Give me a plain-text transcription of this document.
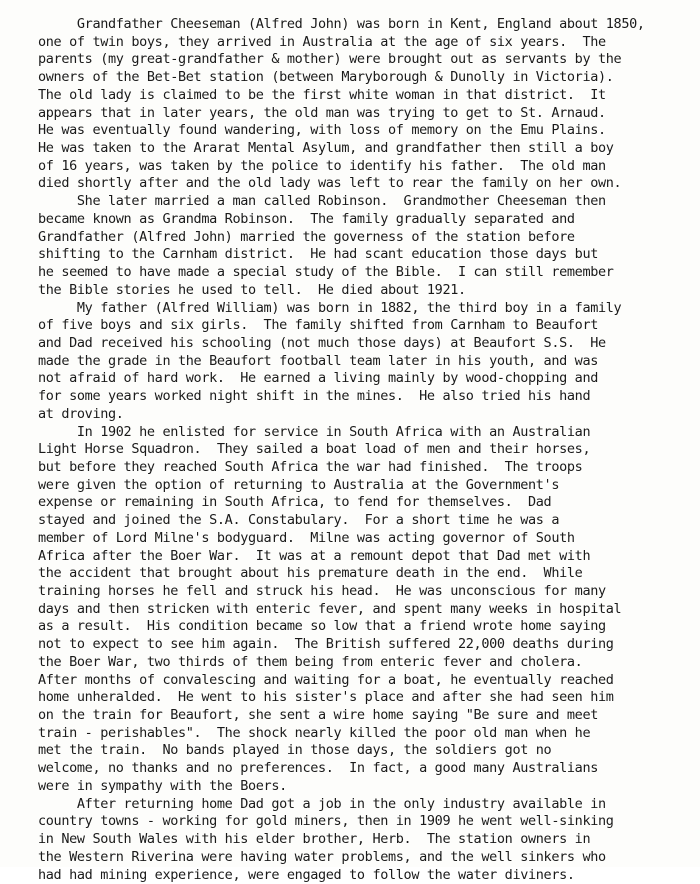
Grandfather Cheeseman (Alfred John) was born in Kent, England about 1850,
one of twin boys, they arrived in Australia at the age of six years.  The
parents (my great-grandfather & mother) were brought out as servants by the
owners of the Bet-Bet station (between Maryborough & Dunolly in Victoria).
The old lady is claimed to be the first white woman in that district.  It
appears that in later years, the old man was trying to get to St. Arnaud.
He was eventually found wandering, with loss of memory on the Emu Plains.
He was taken to the Ararat Mental Asylum, and grandfather then still a boy
of 16 years, was taken by the police to identify his father.  The old man
died shortly after and the old lady was left to rear the family on her own.
She later married a man called Robinson.  Grandmother Cheeseman then
became known as Grandma Robinson.  The family gradually separated and
Grandfather (Alfred John) married the governess of the station before
shifting to the Carnham district.  He had scant education those days but
he seemed to have made a special study of the Bible.  I can still remember
the Bible stories he used to tell.  He died about 1921.
My father (Alfred William) was born in 1882, the third boy in a family
of five boys and six girls.  The family shifted from Carnham to Beaufort
and Dad received his schooling (not much those days) at Beaufort S.S.  He
made the grade in the Beaufort football team later in his youth, and was
not afraid of hard work.  He earned a living mainly by wood-chopping and
for some years worked night shift in the mines.  He also tried his hand
at droving.
In 1902 he enlisted for service in South Africa with an Australian
Light Horse Squadron.  They sailed a boat load of men and their horses,
but before they reached South Africa the war had finished.  The troops
were given the option of returning to Australia at the Government's
expense or remaining in South Africa, to fend for themselves.  Dad
stayed and joined the S.A. Constabulary.  For a short time he was a
member of Lord Milne's bodyguard.  Milne was acting governor of South
Africa after the Boer War.  It was at a remount depot that Dad met with
the accident that brought about his premature death in the end.  While
training horses he fell and struck his head.  He was unconscious for many
days and then stricken with enteric fever, and spent many weeks in hospital
as a result.  His condition became so low that a friend wrote home saying
not to expect to see him again.  The British suffered 22,000 deaths during
the Boer War, two thirds of them being from enteric fever and cholera.
After months of convalescing and waiting for a boat, he eventually reached
home unheralded.  He went to his sister's place and after she had seen him
on the train for Beaufort, she sent a wire home saying "Be sure and meet
train - perishables".  The shock nearly killed the poor old man when he
met the train.  No bands played in those days, the soldiers got no
welcome, no thanks and no preferences.  In fact, a good many Australians
were in sympathy with the Boers.
After returning home Dad got a job in the only industry available in
country towns - working for gold miners, then in 1909 he went well-sinking
in New South Wales with his elder brother, Herb.  The station owners in
the Western Riverina were having water problems, and the well sinkers who
had had mining experience, were engaged to follow the water diviners.
